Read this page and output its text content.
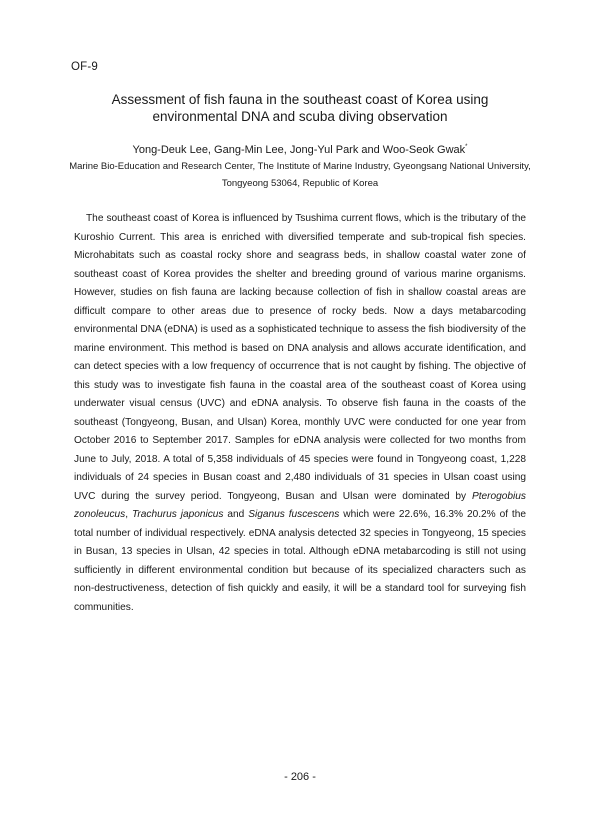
OF-9
Assessment of fish fauna in the southeast coast of Korea using
environmental DNA and scuba diving observation
Yong-Deuk Lee, Gang-Min Lee, Jong-Yul Park and Woo-Seok Gwak*
Marine Bio-Education and Research Center, The Institute of Marine Industry, Gyeongsang National University,
Tongyeong 53064, Republic of Korea

The southeast coast of Korea is influenced by Tsushima current flows, which is the tributary of the Kuroshio Current. This area is enriched with diversified temperate and sub-tropical fish species. Microhabitats such as coastal rocky shore and seagrass beds, in shallow coastal water zone of southeast coast of Korea provides the shelter and breeding ground of various marine organisms. However, studies on fish fauna are lacking because collection of fish in shallow coastal areas are difficult compare to other areas due to presence of rocky beds. Now a days metabarcoding environmental DNA (eDNA) is used as a sophisticated technique to assess the fish biodiversity of the marine environment. This method is based on DNA analysis and allows accurate identification, and can detect species with a low frequency of occurrence that is not caught by fishing. The objective of this study was to investigate fish fauna in the coastal area of the southeast coast of Korea using underwater visual census (UVC) and eDNA analysis. To observe fish fauna in the coasts of the southeast (Tongyeong, Busan, and Ulsan) Korea, monthly UVC were conducted for one year from October 2016 to September 2017. Samples for eDNA analysis were collected for two months from June to July, 2018. A total of 5,358 individuals of 45 species were found in Tongyeong coast, 1,228 individuals of 24 species in Busan coast and 2,480 individuals of 31 species in Ulsan coast using UVC during the survey period. Tongyeong, Busan and Ulsan were dominated by Pterogobius zonoleucus, Trachurus japonicus and Siganus fuscescens which were 22.6%, 16.3% 20.2% of the total number of individual respectively. eDNA analysis detected 32 species in Tongyeong, 15 species in Busan, 13 species in Ulsan, 42 species in total. Although eDNA metabarcoding is still not using sufficiently in different environmental condition but because of its specialized characters such as non-destructiveness, detection of fish quickly and easily, it will be a standard tool for surveying fish communities.

- 206 -
